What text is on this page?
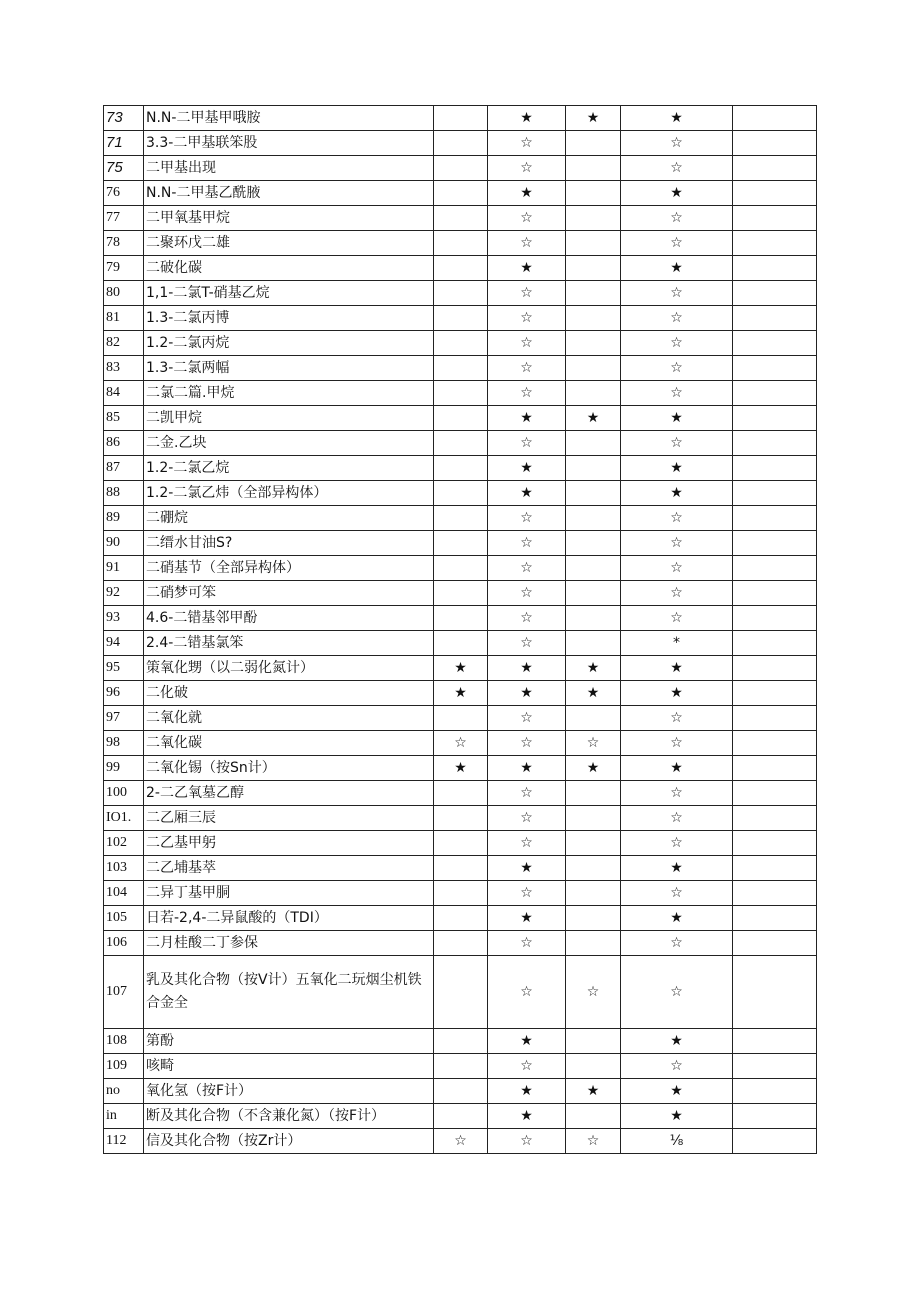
73	N.N-二甲基甲哦胺		★	★	★	
71	3.3-二甲基联笨股		☆		☆	
75	二甲基出现		☆		☆	
76	N.N-二甲基乙酰腋		★		★	
77	二甲氧基甲烷		☆		☆	
78	二聚环戊二雄		☆		☆	
79	二破化碳		★		★	
80	1,1-二氯T-硝基乙烷		☆		☆	
81	1.3-二氯丙博		☆		☆	
82	1.2-二氯丙烷		☆		☆	
83	1.3-二氯两幅		☆		☆	
84	二氯二篇.甲烷		☆		☆	
85	二凯甲烷		★	★	★	
86	二金.乙块		☆		☆	
87	1.2-二氯乙烷		★		★	
88	1.2-二氯乙炜（全部异构体）		★		★	
89	二硼烷		☆		☆	
90	二缙水甘油S?		☆		☆	
91	二硝基节（全部异构体）		☆		☆	
92	二硝梦可笨		☆		☆	
93	4.6-二错基邻甲酚		☆		☆	
94	2.4-二错基氯笨		☆		*	
95	策氧化甥（以二弱化氮计）	★	★	★	★	
96	二化破	★	★	★	★	
97	二氧化就		☆		☆	
98	二氧化碳	☆	☆	☆	☆	
99	二氧化锡（按Sn计）	★	★	★	★	
100	2-二乙氧墓乙醇		☆		☆	
IO1.	二乙厢三辰		☆		☆	
102	二乙基甲躬		☆		☆	
103	二乙埔基萃		★		★	
104	二异丁基甲胴		☆		☆	
105	日若-2,4-二异鼠酸的（TDI）		★		★	
106	二月桂酸二丁参保		☆		☆	
107	乳及其化合物（按V计）五氧化二玩烟尘机铁合金全		☆	☆	☆	
108	第酚		★		★	
109	咳畸		☆		☆	
no	氧化氢（按F计）		★	★	★	
in	断及其化合物（不含兼化氮）（按F计）		★		★	
112	信及其化合物（按Zr计）	☆	☆	☆	⅛	
